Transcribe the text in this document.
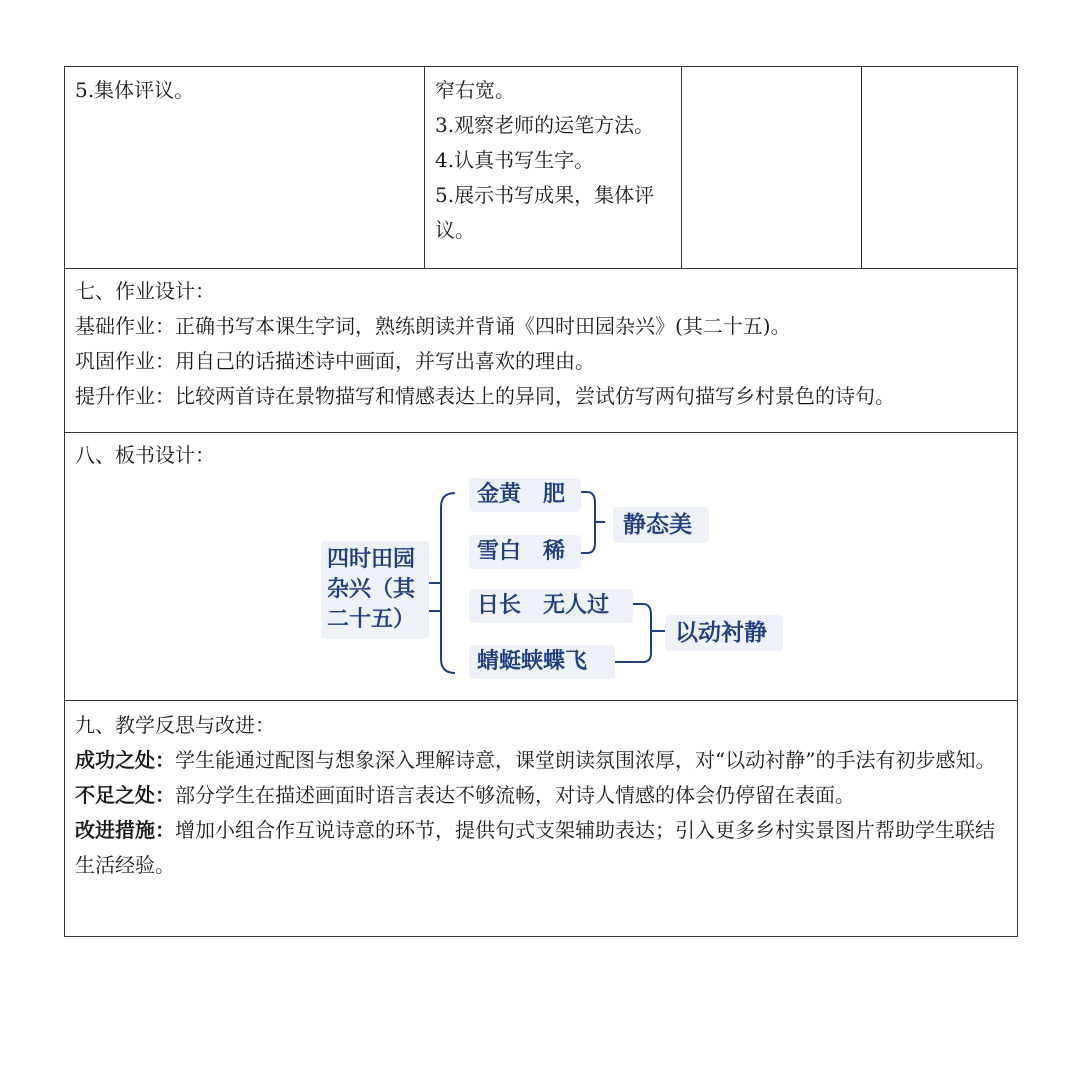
5.集体评议。	窄右宽。
3.观察老师的运笔方法。
4.认真书写生字。
5.展示书写成果，集体评
议。

七、作业设计：
基础作业：正确书写本课生字词，熟练朗读并背诵《四时田园杂兴》(其二十五)。
巩固作业：用自己的话描述诗中画面，并写出喜欢的理由。
提升作业：比较两首诗在景物描写和情感表达上的异同，尝试仿写两句描写乡村景色的诗句。

八、板书设计：
四时田园
杂兴（其
二十五）
金黄　肥
雪白　稀
静态美
日长　无人过
蜻蜓蛱蝶飞
以动衬静

九、教学反思与改进：
成功之处：学生能通过配图与想象深入理解诗意，课堂朗读氛围浓厚，对“以动衬静”的手法有初步感知。
不足之处：部分学生在描述画面时语言表达不够流畅，对诗人情感的体会仍停留在表面。
改进措施：增加小组合作互说诗意的环节，提供句式支架辅助表达；引入更多乡村实景图片帮助学生联结生活经验。
